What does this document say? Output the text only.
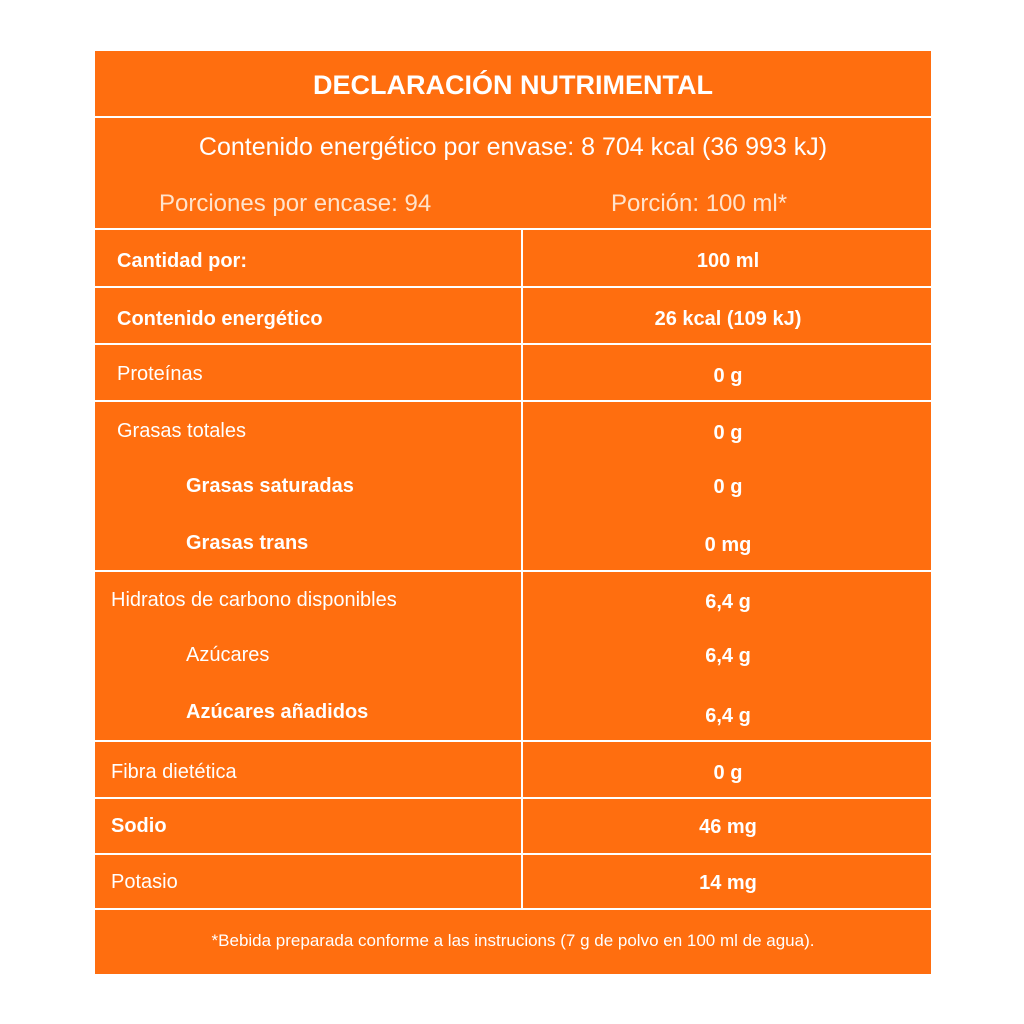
DECLARACIÓN NUTRIMENTAL
Contenido energético por envase: 8 704 kcal (36 993 kJ)
Porciones por encase: 94	Porción: 100 ml*
Cantidad por:	100 ml
Contenido energético	26 kcal (109 kJ)
Proteínas	0 g
Grasas totales	0 g
Grasas saturadas	0 g
Grasas trans	0 mg
Hidratos de carbono disponibles	6,4 g
Azúcares	6,4 g
Azúcares añadidos	6,4 g
Fibra dietética	0 g
Sodio	46 mg
Potasio	14 mg
*Bebida preparada conforme a las instrucions (7 g de polvo en 100 ml de agua).
